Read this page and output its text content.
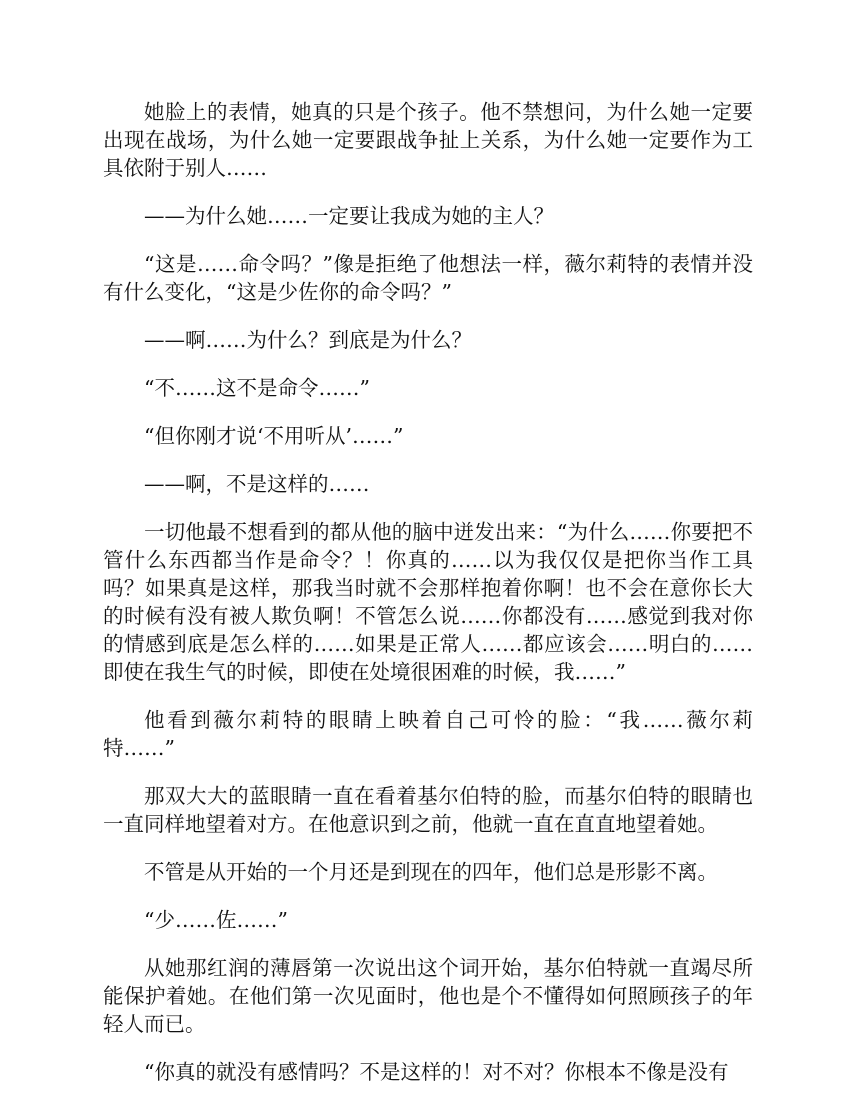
她脸上的表情，她真的只是个孩子。他不禁想问，为什么她一定要出现在战场，为什么她一定要跟战争扯上关系，为什么她一定要作为工具依附于别人……

——为什么她……一定要让我成为她的主人？

“这是……命令吗？”像是拒绝了他想法一样，薇尔莉特的表情并没有什么变化，“这是少佐你的命令吗？”

——啊……为什么？到底是为什么？

“不……这不是命令……”

“但你刚才说‘不用听从’……”

——啊，不是这样的……

一切他最不想看到的都从他的脑中迸发出来：“为什么……你要把不管什么东西都当作是命令？！你真的……以为我仅仅是把你当作工具吗？如果真是这样，那我当时就不会那样抱着你啊！也不会在意你长大的时候有没有被人欺负啊！不管怎么说……你都没有……感觉到我对你的情感到底是怎么样的……如果是正常人……都应该会……明白的……即使在我生气的时候，即使在处境很困难的时候，我……”

他看到薇尔莉特的眼睛上映着自己可怜的脸：“我……薇尔莉特……”

那双大大的蓝眼睛一直在看着基尔伯特的脸，而基尔伯特的眼睛也一直同样地望着对方。在他意识到之前，他就一直在直直地望着她。

不管是从开始的一个月还是到现在的四年，他们总是形影不离。

“少……佐……”

从她那红润的薄唇第一次说出这个词开始，基尔伯特就一直竭尽所能保护着她。在他们第一次见面时，他也是个不懂得如何照顾孩子的年轻人而已。

“你真的就没有感情吗？不是这样的！对不对？你根本不像是没有
